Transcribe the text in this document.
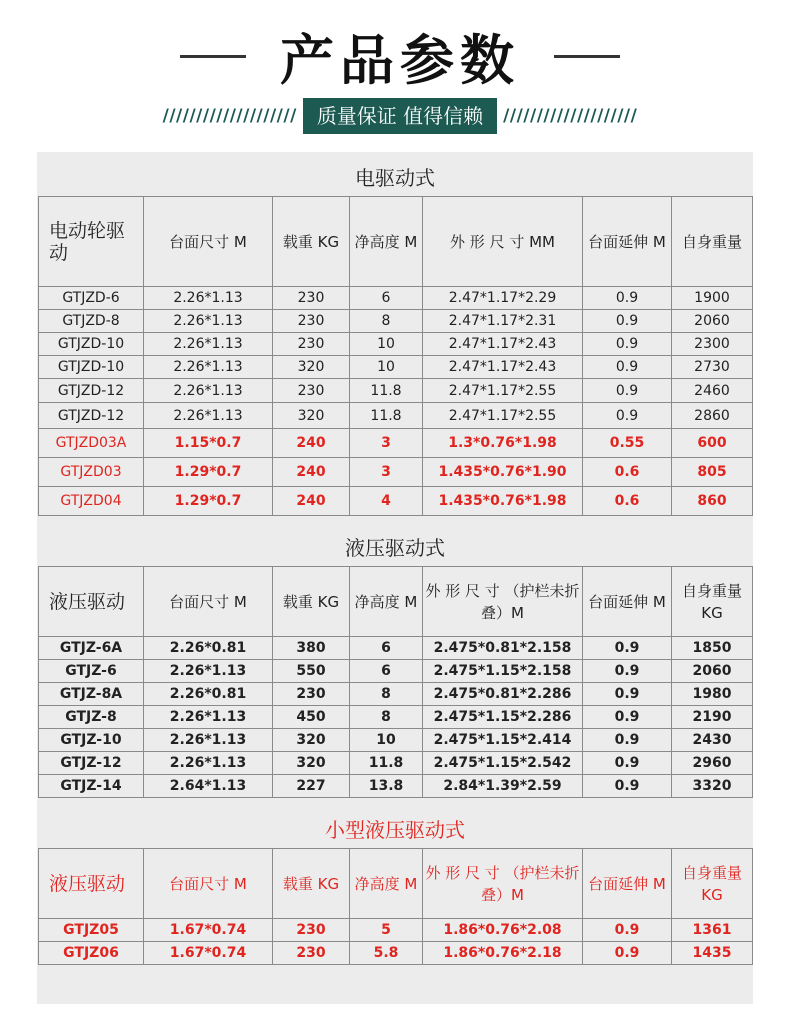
产品参数
////////////////////	质量保证 值得信赖	////////////////////
电驱动式
电动轮驱动	台面尺寸 M	载重 KG	净高度 M	外 形 尺 寸 MM	台面延伸 M	自身重量
GTJZD-6	2.26*1.13	230	6	2.47*1.17*2.29	0.9	1900
GTJZD-8	2.26*1.13	230	8	2.47*1.17*2.31	0.9	2060
GTJZD-10	2.26*1.13	230	10	2.47*1.17*2.43	0.9	2300
GTJZD-10	2.26*1.13	320	10	2.47*1.17*2.43	0.9	2730
GTJZD-12	2.26*1.13	230	11.8	2.47*1.17*2.55	0.9	2460
GTJZD-12	2.26*1.13	320	11.8	2.47*1.17*2.55	0.9	2860
GTJZD03A	1.15*0.7	240	3	1.3*0.76*1.98	0.55	600
GTJZD03	1.29*0.7	240	3	1.435*0.76*1.90	0.6	805
GTJZD04	1.29*0.7	240	4	1.435*0.76*1.98	0.6	860
液压驱动式
液压驱动	台面尺寸 M	载重 KG	净高度 M	外 形 尺 寸 （护栏未折叠）M	台面延伸 M	自身重量 KG
GTJZ-6A	2.26*0.81	380	6	2.475*0.81*2.158	0.9	1850
GTJZ-6	2.26*1.13	550	6	2.475*1.15*2.158	0.9	2060
GTJZ-8A	2.26*0.81	230	8	2.475*0.81*2.286	0.9	1980
GTJZ-8	2.26*1.13	450	8	2.475*1.15*2.286	0.9	2190
GTJZ-10	2.26*1.13	320	10	2.475*1.15*2.414	0.9	2430
GTJZ-12	2.26*1.13	320	11.8	2.475*1.15*2.542	0.9	2960
GTJZ-14	2.64*1.13	227	13.8	2.84*1.39*2.59	0.9	3320
小型液压驱动式
液压驱动	台面尺寸 M	载重 KG	净高度 M	外 形 尺 寸 （护栏未折叠）M	台面延伸 M	自身重量 KG
GTJZ05	1.67*0.74	230	5	1.86*0.76*2.08	0.9	1361
GTJZ06	1.67*0.74	230	5.8	1.86*0.76*2.18	0.9	1435
